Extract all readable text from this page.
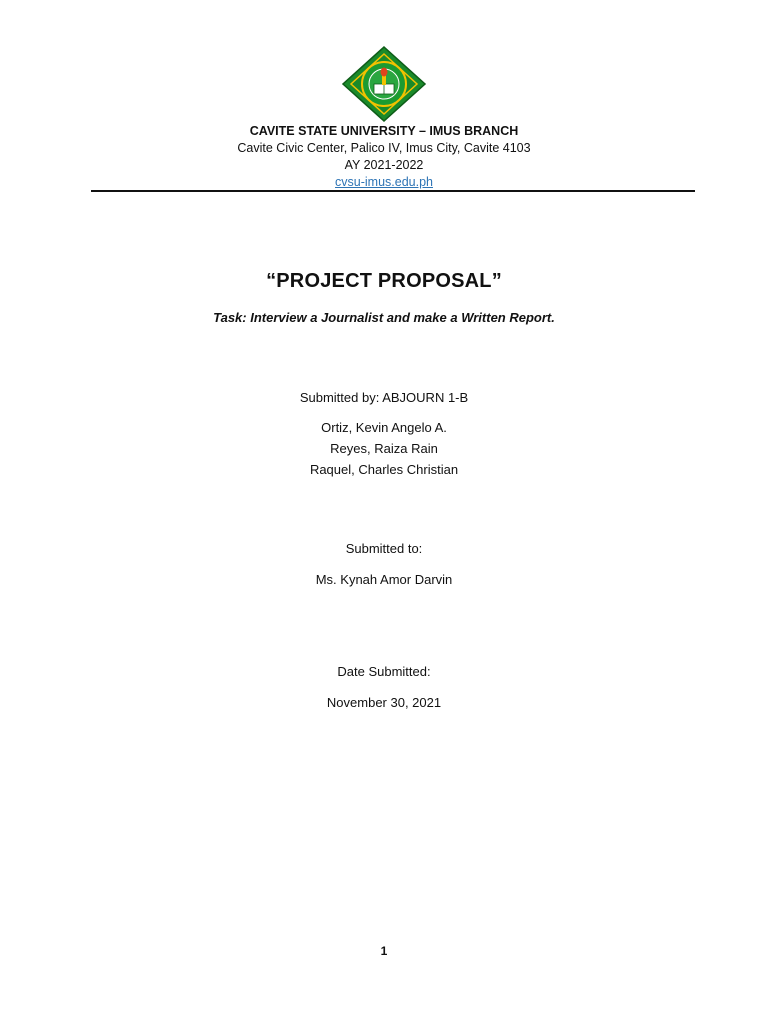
CAVITE STATE UNIVERSITY – IMUS BRANCH
Cavite Civic Center, Palico IV, Imus City, Cavite 4103
AY 2021-2022
cvsu-imus.edu.ph
“PROJECT PROPOSAL”
Task: Interview a Journalist and make a Written Report.
Submitted by: ABJOURN 1-B
Ortiz, Kevin Angelo A.
Reyes, Raiza Rain
Raquel, Charles Christian
Submitted to:
Ms. Kynah Amor Darvin
Date Submitted:
November 30, 2021
1
